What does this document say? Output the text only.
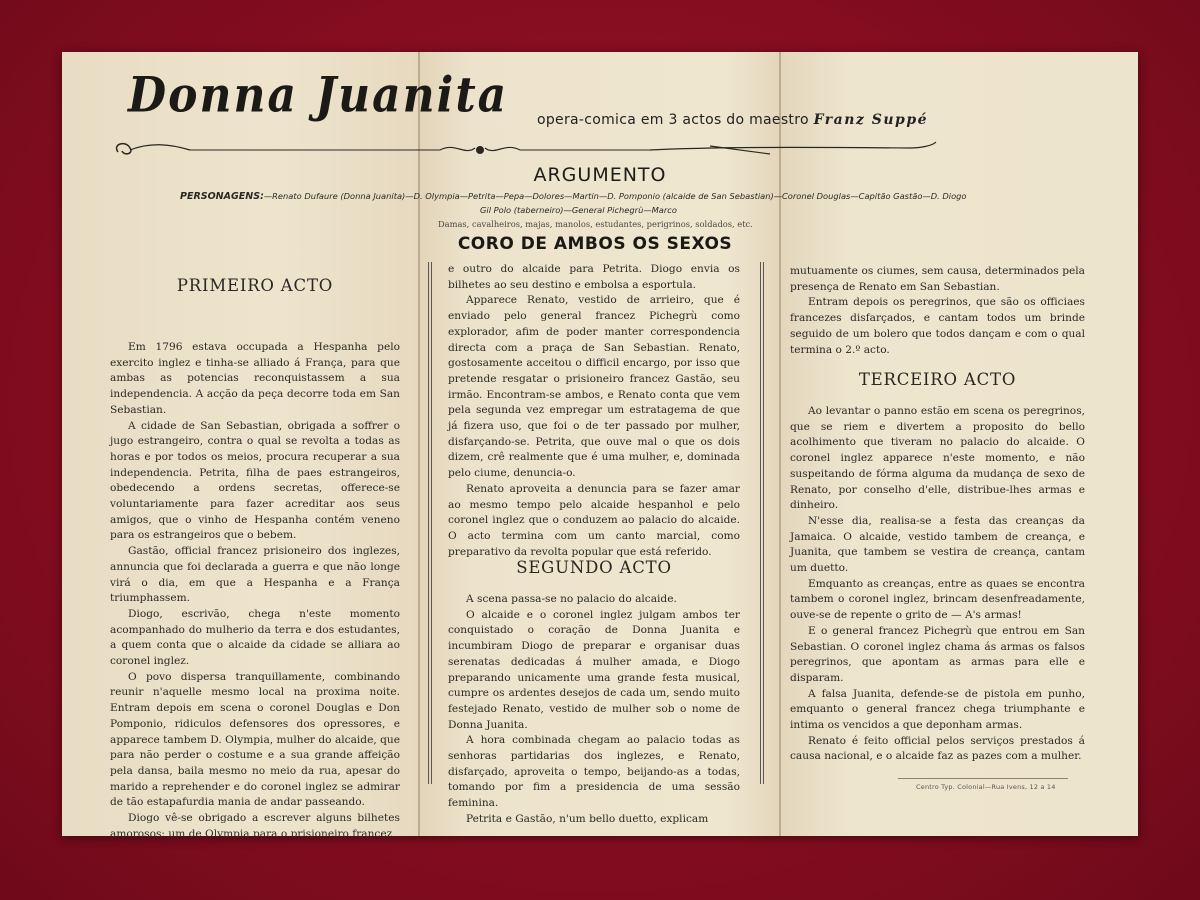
Donna Juanita opera-comica em 3 actos do maestro Franz Suppé
ARGUMENTO
PERSONAGENS:—Renato Dufaure (Donna Juanita)—D. Olympia—Petrita—Pepa—Dolores—Martin—D. Pomponio (alcaide de San Sebastian)—Coronel Douglas—Capitão Gastão—D. Diogo
Gil Polo (taberneiro)—General Pichegrù—Marco
Damas, cavalheiros, majas, manolos, estudantes, perigrinos, soldados, etc.
CORO DE AMBOS OS SEXOS
PRIMEIRO ACTO
SEGUNDO ACTO
TERCEIRO ACTO

Em 1796 estava occupada a Hespanha pelo exercito inglez e tinha-se alliado á França, para que ambas as potencias reconquistassem a sua independencia. A acção da peça decorre toda em San Sebastian.

A cidade de San Sebastian, obrigada a soffrer o jugo estrangeiro, contra o qual se revolta a todas as horas e por todos os meios, procura recuperar a sua independencia. Petrita, filha de paes estrangeiros, obedecendo a ordens secretas, offerece-se voluntariamente para fazer acreditar aos seus amigos, que o vinho de Hespanha contém veneno para os estrangeiros que o bebem.

Gastão, official francez prisioneiro dos inglezes, annuncia que foi declarada a guerra e que não longe virá o dia, em que a Hespanha e a França triumphassem.

Diogo, escrivão, chega n'este momento acompanhado do mulherio da terra e dos estudantes, a quem conta que o alcaide da cidade se alliara ao coronel inglez.

O povo dispersa tranquillamente, combinando reunir n'aquelle mesmo local na proxima noite. Entram depois em scena o coronel Douglas e Don Pomponio, ridiculos defensores dos opressores, e apparece tambem D. Olympia, mulher do alcaide, que para não perder o costume e a sua grande affeição pela dansa, baila mesmo no meio da rua, apesar do marido a reprehender e do coronel inglez se admirar de tão estapafurdia mania de andar passeando.

Diogo vê-se obrigado a escrever alguns bilhetes amorosos: um de Olympia para o prisioneiro francez

e outro do alcaide para Petrita. Diogo envia os bilhetes ao seu destino e embolsa a esportula.

Apparece Renato, vestido de arrieiro, que é enviado pelo general francez Pichegrù como explorador, afim de poder manter correspondencia directa com a praça de San Sebastian. Renato, gostosamente acceitou o difficil encargo, por isso que pretende resgatar o prisioneiro francez Gastão, seu irmão. Encontram-se ambos, e Renato conta que vem pela segunda vez empregar um estratagema de que já fizera uso, que foi o de ter passado por mulher, disfarçando-se. Petrita, que ouve mal o que os dois dizem, crê realmente que é uma mulher, e, dominada pelo ciume, denuncia-o.

Renato aproveita a denuncia para se fazer amar ao mesmo tempo pelo alcaide hespanhol e pelo coronel inglez que o conduzem ao palacio do alcaide. O acto termina com um canto marcial, como preparativo da revolta popular que está referido.

A scena passa-se no palacio do alcaide.

O alcaide e o coronel inglez julgam ambos ter conquistado o coração de Donna Juanita e incumbiram Diogo de preparar e organisar duas serenatas dedicadas á mulher amada, e Diogo preparando unicamente uma grande festa musical, cumpre os ardentes desejos de cada um, sendo muito festejado Renato, vestido de mulher sob o nome de Donna Juanita.

A hora combinada chegam ao palacio todas as senhoras partidarias dos inglezes, e Renato, disfarçado, aproveita o tempo, beijando-as a todas, tomando por fim a presidencia de uma sessão feminina.

Petrita e Gastão, n'um bello duetto, explicam

mutuamente os ciumes, sem causa, determinados pela presença de Renato em San Sebastian.

Entram depois os peregrinos, que são os officiaes francezes disfarçados, e cantam todos um brinde seguido de um bolero que todos dançam e com o qual termina o 2.º acto.

Ao levantar o panno estão em scena os peregrinos, que se riem e divertem a proposito do bello acolhimento que tiveram no palacio do alcaide. O coronel inglez apparece n'este momento, e não suspeitando de fórma alguma da mudança de sexo de Renato, por conselho d'elle, distribue-lhes armas e dinheiro.

N'esse dia, realisa-se a festa das creanças da Jamaica. O alcaide, vestido tambem de creança, e Juanita, que tambem se vestira de creança, cantam um duetto.

Emquanto as creanças, entre as quaes se encontra tambem o coronel inglez, brincam desenfreadamente, ouve-se de repente o grito de — A's armas!

E o general francez Pichegrù que entrou em San Sebastian. O coronel inglez chama ás armas os falsos peregrinos, que apontam as armas para elle e disparam.

A falsa Juanita, defende-se de pistola em punho, emquanto o general francez chega triumphante e intima os vencidos a que deponham armas.

Renato é feito official pelos serviços prestados á causa nacional, e o alcaide faz as pazes com a mulher.

Centro Typ. Colonial—Rua Ivens, 12 a 14
